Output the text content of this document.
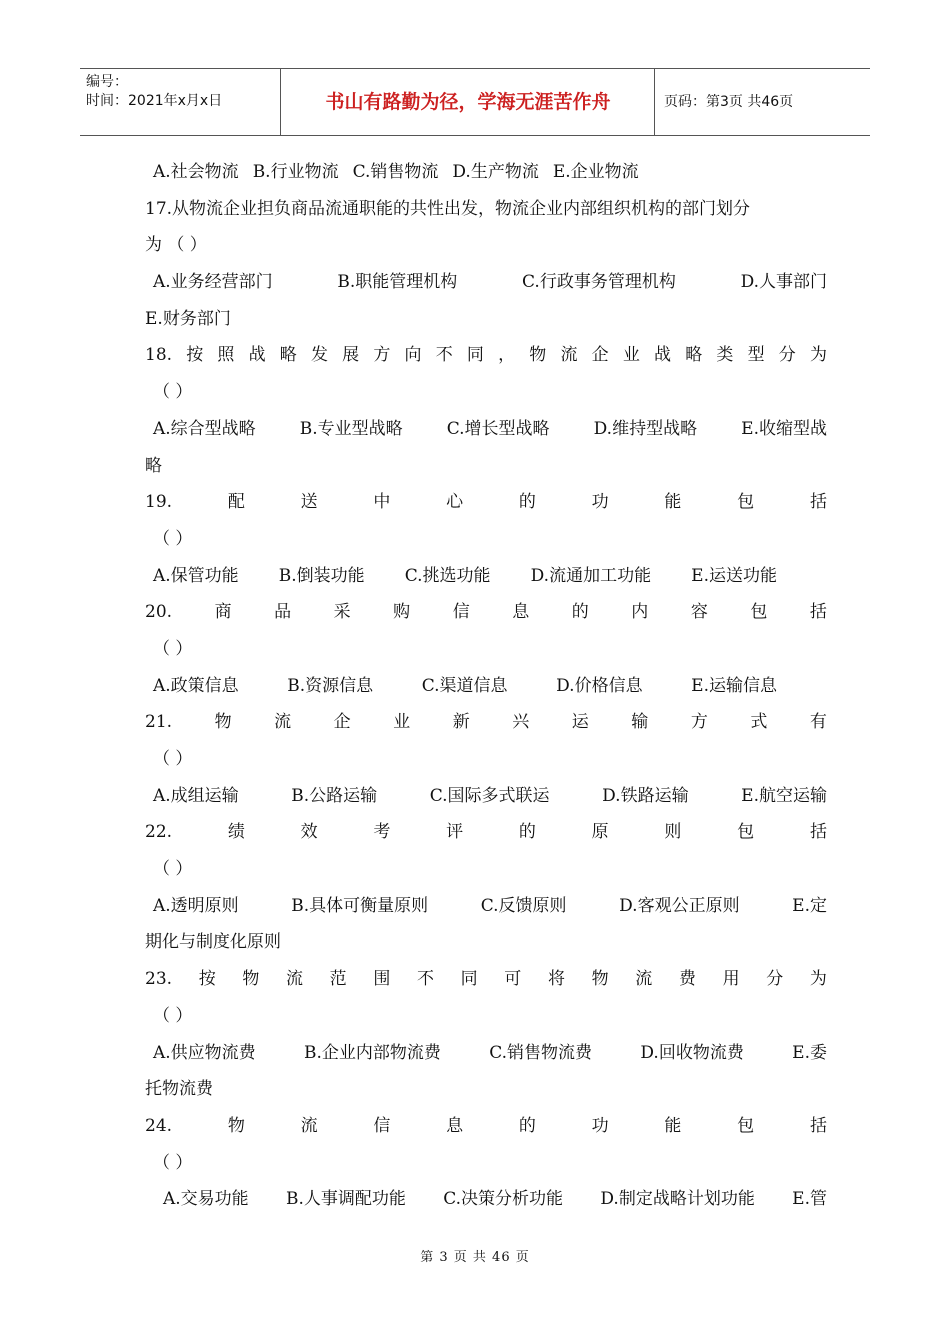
编号：
时间：2021年x月x日	书山有路勤为径，学海无涯苦作舟	页码：第3页 共46页
A.社会物流 B.行业物流 C.销售物流 D.生产物流 E.企业物流
17.从物流企业担负商品流通职能的共性出发，物流企业内部组织机构的部门划分
为 （ ）
A.业务经营部门	B.职能管理机构	C.行政事务管理机构	D.人事部门
E.财务部门
18. 按 照 战 略 发 展 方 向 不 同 ， 物 流 企 业 战 略 类 型 分 为
（ ）
A.综合型战略	B.专业型战略	C.增长型战略	D.维持型战略	E.收缩型战
略
19.	配	送	中	心	的	功	能	包	括
（ ）
A.保管功能 B.倒装功能 C.挑选功能 D.流通加工功能 E.运送功能
20.	商	品	采	购	信	息	的	内	容	包	括
（ ）
A.政策信息	B.资源信息	C.渠道信息	D.价格信息	E.运输信息
21.	物	流	企	业	新	兴	运	输	方	式	有
（ ）
A.成组运输	B.公路运输	C.国际多式联运	D.铁路运输	E.航空运输
22.	绩	效	考	评	的	原	则	包	括
（ ）
A.透明原则	B.具体可衡量原则	C.反馈原则	D.客观公正原则	E.定
期化与制度化原则
23. 按 物 流 范 围 不 同 可 将 物 流 费 用 分 为
（ ）
A.供应物流费	B.企业内部物流费	C.销售物流费	D.回收物流费	E.委
托物流费
24.	物	流	信	息	的	功	能	包	括
（ ）
A.交易功能 B.人事调配功能 C.决策分析功能 D.制定战略计划功能 E.管
第 3 页 共 46 页
